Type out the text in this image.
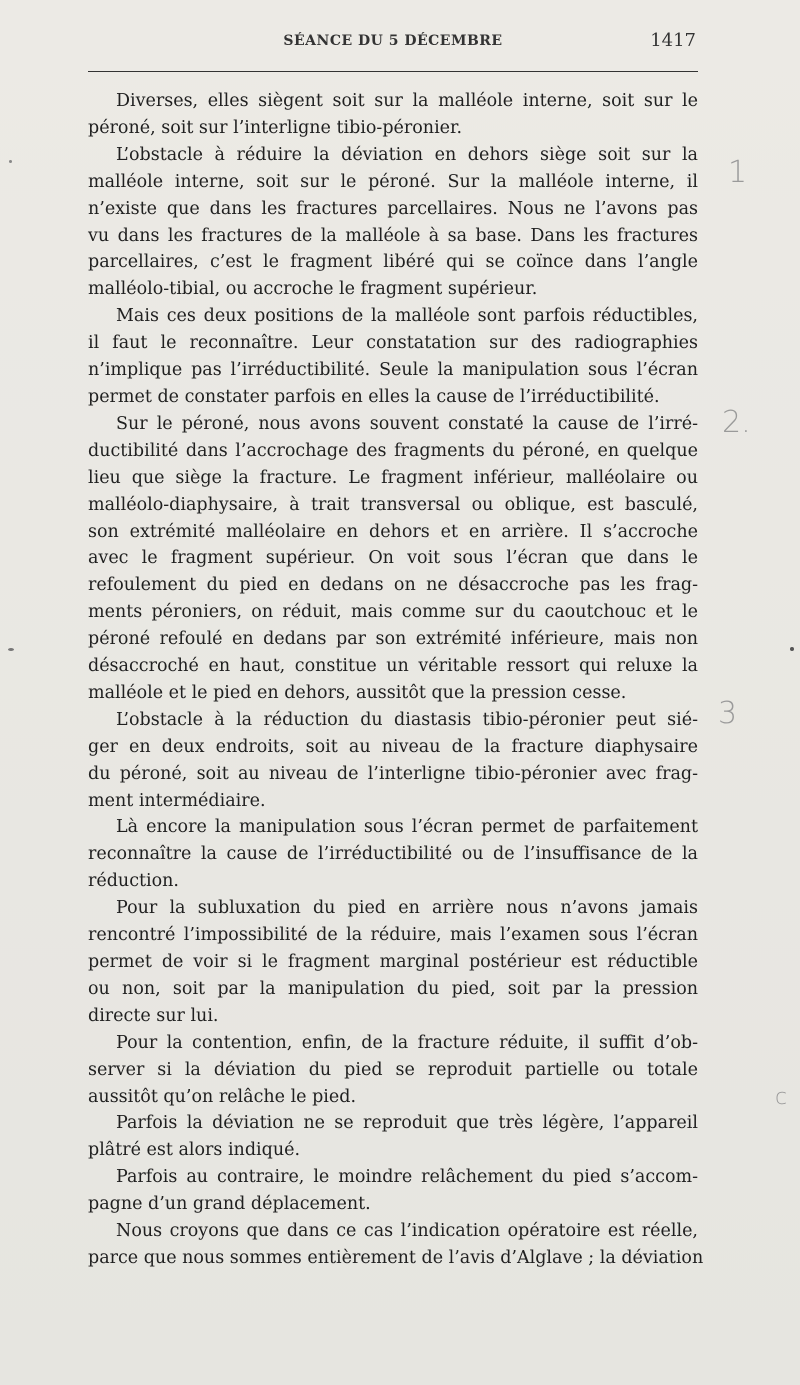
SÉANCE DU 5 DÉCEMBRE	1417
Diverses, elles siègent soit sur la malléole interne, soit sur le
péroné, soit sur l’interligne tibio-péronier.
L’obstacle à réduire la déviation en dehors siège soit sur la
malléole interne, soit sur le péroné. Sur la malléole interne, il
n’existe que dans les fractures parcellaires. Nous ne l’avons pas
vu dans les fractures de la malléole à sa base. Dans les fractures
parcellaires, c’est le fragment libéré qui se coïnce dans l’angle
malléolo-tibial, ou accroche le fragment supérieur.
Mais ces deux positions de la malléole sont parfois réductibles,
il faut le reconnaître. Leur constatation sur des radiographies
n’implique pas l’irréductibilité. Seule la manipulation sous l’écran
permet de constater parfois en elles la cause de l’irréductibilité.
Sur le péroné, nous avons souvent constaté la cause de l’irré-
ductibilité dans l’accrochage des fragments du péroné, en quelque
lieu que siège la fracture. Le fragment inférieur, malléolaire ou
malléolo-diaphysaire, à trait transversal ou oblique, est basculé,
son extrémité malléolaire en dehors et en arrière. Il s’accroche
avec le fragment supérieur. On voit sous l’écran que dans le
refoulement du pied en dedans on ne désaccroche pas les frag-
ments péroniers, on réduit, mais comme sur du caoutchouc et le
péroné refoulé en dedans par son extrémité inférieure, mais non
désaccroché en haut, constitue un véritable ressort qui reluxe la
malléole et le pied en dehors, aussitôt que la pression cesse.
L’obstacle à la réduction du diastasis tibio-péronier peut sié-
ger en deux endroits, soit au niveau de la fracture diaphysaire
du péroné, soit au niveau de l’interligne tibio-péronier avec frag-
ment intermédiaire.
Là encore la manipulation sous l’écran permet de parfaitement
reconnaître la cause de l’irréductibilité ou de l’insuffisance de la
réduction.
Pour la subluxation du pied en arrière nous n’avons jamais
rencontré l’impossibilité de la réduire, mais l’examen sous l’écran
permet de voir si le fragment marginal postérieur est réductible
ou non, soit par la manipulation du pied, soit par la pression
directe sur lui.
Pour la contention, enfin, de la fracture réduite, il suffit d’ob-
server si la déviation du pied se reproduit partielle ou totale
aussitôt qu’on relâche le pied.
Parfois la déviation ne se reproduit que très légère, l’appareil
plâtré est alors indiqué.
Parfois au contraire, le moindre relâchement du pied s’accom-
pagne d’un grand déplacement.
Nous croyons que dans ce cas l’indication opératoire est réelle,
parce que nous sommes entièrement de l’avis d’Alglave ; la déviation
1
2.
3
c
